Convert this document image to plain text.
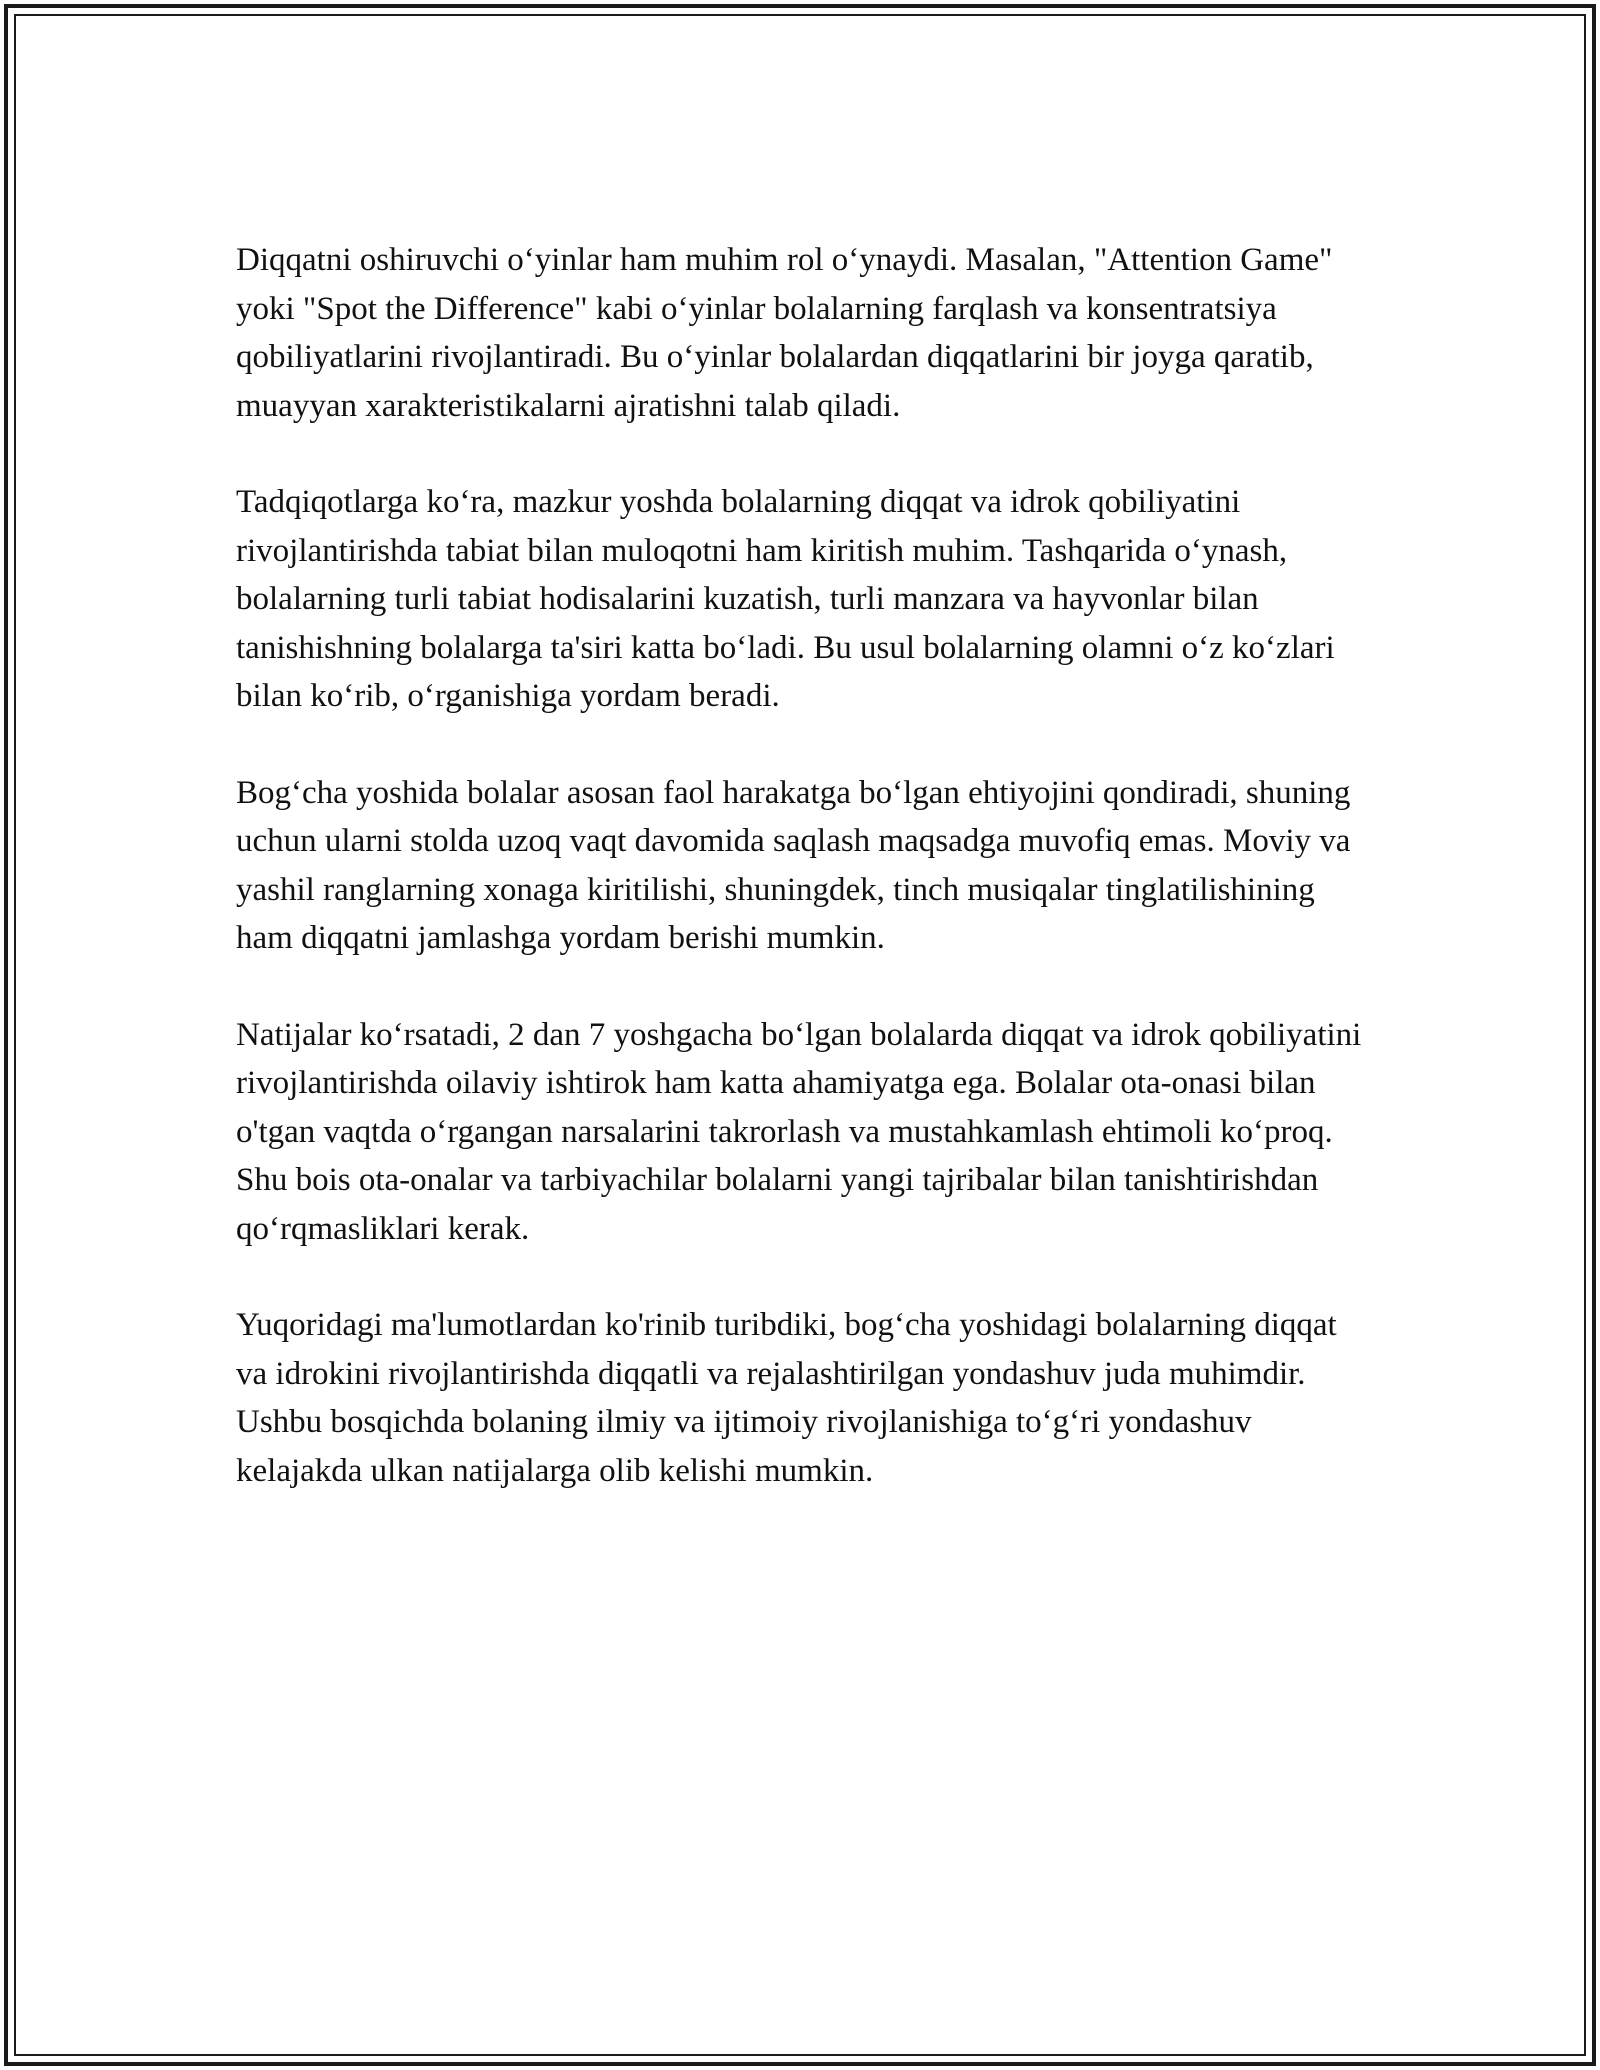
Diqqatni oshiruvchi o‘yinlar ham muhim rol o‘ynaydi. Masalan, "Attention Game" yoki "Spot the Difference" kabi o‘yinlar bolalarning farqlash va konsentratsiya qobiliyatlarini rivojlantiradi. Bu o‘yinlar bolalardan diqqatlarini bir joyga qaratib, muayyan xarakteristikalarni ajratishni talab qiladi.

Tadqiqotlarga ko‘ra, mazkur yoshda bolalarning diqqat va idrok qobiliyatini rivojlantirishda tabiat bilan muloqotni ham kiritish muhim. Tashqarida o‘ynash, bolalarning turli tabiat hodisalarini kuzatish, turli manzara va hayvonlar bilan tanishishning bolalarga ta'siri katta bo‘ladi. Bu usul bolalarning olamni o‘z ko‘zlari bilan ko‘rib, o‘rganishiga yordam beradi.

Bog‘cha yoshida bolalar asosan faol harakatga bo‘lgan ehtiyojini qondiradi, shuning uchun ularni stolda uzoq vaqt davomida saqlash maqsadga muvofiq emas. Moviy va yashil ranglarning xonaga kiritilishi, shuningdek, tinch musiqalar tinglatilishining ham diqqatni jamlashga yordam berishi mumkin.

Natijalar ko‘rsatadi, 2 dan 7 yoshgacha bo‘lgan bolalarda diqqat va idrok qobiliyatini rivojlantirishda oilaviy ishtirok ham katta ahamiyatga ega. Bolalar ota-onasi bilan o'tgan vaqtda o‘rgangan narsalarini takrorlash va mustahkamlash ehtimoli ko‘proq. Shu bois ota-onalar va tarbiyachilar bolalarni yangi tajribalar bilan tanishtirishdan qo‘rqmasliklari kerak.

Yuqoridagi ma'lumotlardan ko'rinib turibdiki, bog‘cha yoshidagi bolalarning diqqat va idrokini rivojlantirishda diqqatli va rejalashtirilgan yondashuv juda muhimdir. Ushbu bosqichda bolaning ilmiy va ijtimoiy rivojlanishiga to‘g‘ri yondashuv kelajakda ulkan natijalarga olib kelishi mumkin.
